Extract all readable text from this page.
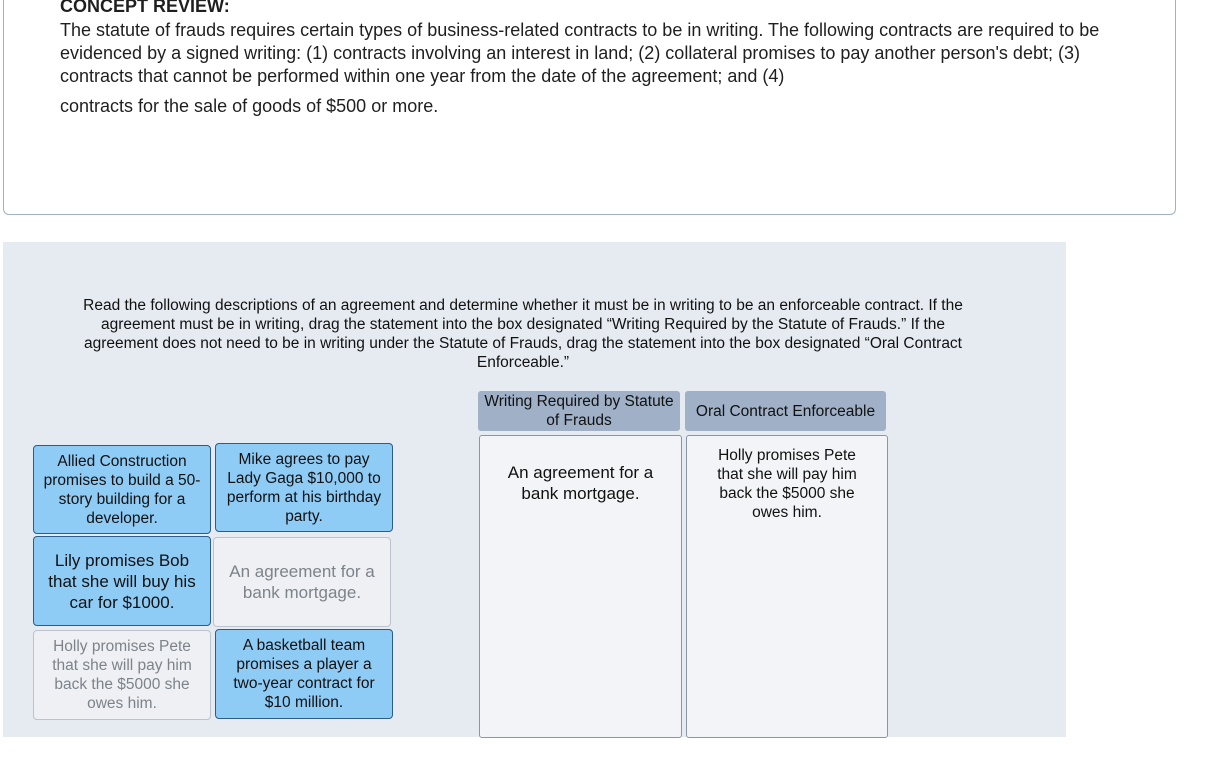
CONCEPT REVIEW:

The statute of frauds requires certain types of business-related contracts to be in writing. The following contracts are required to be evidenced by a signed writing: (1) contracts involving an interest in land; (2) collateral promises to pay another person's debt; (3) contracts that cannot be performed within one year from the date of the agreement; and (4)

contracts for the sale of goods of $500 or more.

Read the following descriptions of an agreement and determine whether it must be in writing to be an enforceable contract. If the agreement must be in writing, drag the statement into the box designated “Writing Required by the Statute of Frauds.” If the agreement does not need to be in writing under the Statute of Frauds, drag the statement into the box designated “Oral Contract Enforceable.”
Allied Construction promises to build a 50-story building for a developer.
Mike agrees to pay Lady Gaga $10,000 to perform at his birthday party.
Lily promises Bob that she will buy his car for $1000.
An agreement for a bank mortgage.
Holly promises Pete that she will pay him back the $5000 she owes him.
A basketball team promises a player a two-year contract for $10 million.
Writing Required by Statute of Frauds
Oral Contract Enforceable
An agreement for a bank mortgage.
Holly promises Pete that she will pay him back the $5000 she owes him.
